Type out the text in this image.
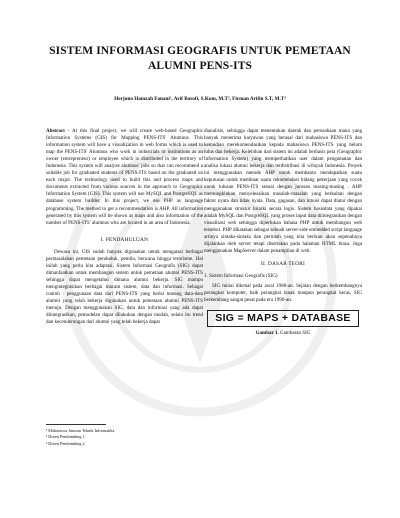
SISTEM INFORMASI GEOGRAFIS UNTUK PEMETAAN
ALUMNI PENS-ITS
Herjuno Hamzah Fanani¹, Arif Basofi, S.Kom, M.T², Firman Arifin S.T, M.T³
Abstract - At this final project, we will create web-based Geographic Information Systems (GIS) for Mapping PENS-ITS' Alumnus. This information system will have a visualization in web forms which is used to map the PENS-ITS' Alumnus who work in industrials or institutions as an owner (entrepreneur) or employee which is distributed in the territory of Indonesia. This system will analyze alumnus' jobs so that can recommend a suitable job for graduated students of PENS-ITS based on the graduated on each major. The technology used to build this and process maps and documents extracted from various sources in the approach to Geographic Information System (GIS). This system will use MySQL and PostgreSQL as database system builder. In this project, we use PHP as language programming. The method to get a recommendation is AHP. All information generated by this system will be shown as maps and also information of the number of PENS-ITS' alumnus who are located in an area of Indonesia.
I. PENDAHULUAN

Dewasa ini, GIS sudah banyak digunakan untuk mengatasi berbagai permasalahan pemetaan penduduk, pemilu, bencana hingga terorisme. Hal inilah yang perlu kita adaptasi. Sistem Informasi Geografis (SIG) dapat dimanfaatkan untuk membangun sistem untuk pemetaan alumni PENS-ITS sehingga dapat mengetahui dimana alumni bekerja. SIG mampu mengintegrasikan berbagai macam sistem, data dan informasi. Sebagai contoh : penggunaan data dari PENS-ITS yang berisi tentang data-data alumni yang telah bekerja digunakan untuk pemetaan alumni PENS-ITS menuju. Dengan menggunakan SIG, data dan informasi yang ada dapat diintegrasikan, pemodelan dapat dilakukan dengan mudah, selain itu trend dan kecenderungan dari alumni yang telah bekerja dapat

¹ Mahasiswa Jurusan Teknik Informatika
² Dosen Pembimbing 1
³ Dosen Pembimbing 2

dianalisis, sehingga dapat menentukan daerah dan perusahaan mana yang banyak menerima karyawan yang berasal dari mahasiswa PENS-ITS dan kemudian merekomendasikan kepada mahasiswa PENS-ITS yang belum lulus dan bekerja. Kelebihan dari sistem ini adalah berbasis peta (Geographic Information System) yang memperhatikan user dalam pengamatan dan analisa lokasi alumni bekerja dan terdistribusi di wilayah Indonesia. Proyek ini menggunakan metode AHP untuk membantu mendapatkan suatu keputusan untuk membuat suatu rekomendasi bidang pekerjaan yang cocok untuk lulusan PENS-ITS sesuai dengan jurusan masing-masing . AHP memungkinkan menyelesaikan masalah-masalah yang berkaitan dengan faktor nyata dan tidak nyata. Data, gagasan, dan intuisi dapat diatur dengan menggunakan struktur hirarki secara logis. Sistem basisdata yang dipakai adalah MySQL dan PostgreSQL yang proses input data diintegrasikan dengan visualisasi web sehingga diperlukan bahasa PHP untuk membangun web tersebut. PHP dikatakan sebagai sebuah server-side embedded script language artinya sintaks-sintaks dan perintah yang kita berikan akan sepenuhnya dijalankan oleh server tetapi disertakan pada halaman HTML biasa. Juga menggunakan MapServer dalam penampilan di web.

II. DASAR TEORI
1. Sistem Informasi Geografis (SIG)

SIG mulai dikenal pada awal 1980-an. Sejalan dengan berkembangnya perangkat komputer, baik perangkat lunak maupun perangkat keras, SIG berkembang sangat pesat pada era 1990-an.

SIG = MAPS + DATABASE
Gambar 1. Gambaran SIG
